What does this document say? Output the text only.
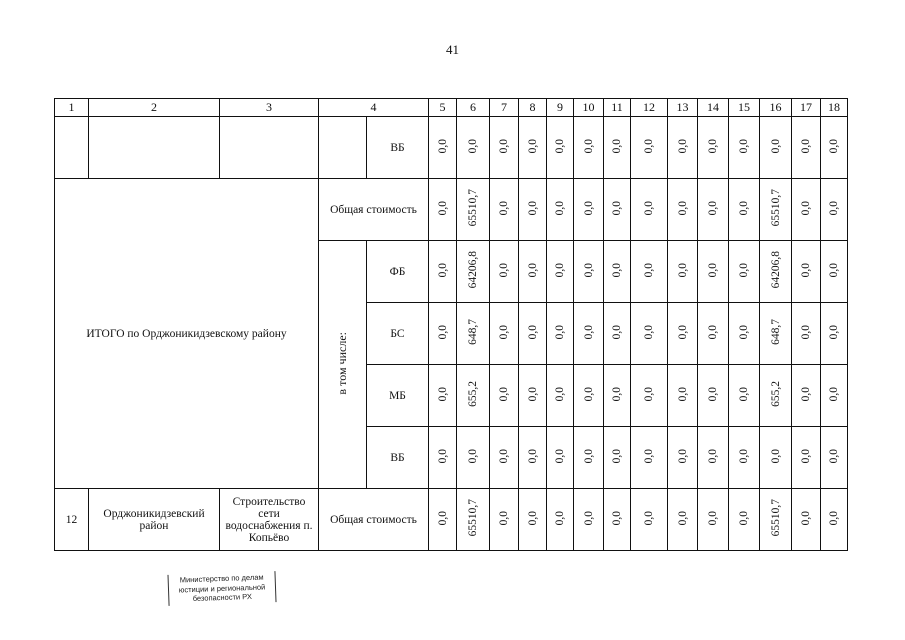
41
1	2	3	4		5	6	7	8	9	10	11	12	13	14	15	16	17	18
				ВБ	0,0	0,0	0,0	0,0	0,0	0,0	0,0	0,0	0,0	0,0	0,0	0,0	0,0	0,0
ИТОГО по Орджоникидзевскому району			Общая стоимость		0,0	65510,7	0,0	0,0	0,0	0,0	0,0	0,0	0,0	0,0	0,0	65510,7	0,0	0,0
			в том числе:	ФБ	0,0	64206,8	0,0	0,0	0,0	0,0	0,0	0,0	0,0	0,0	0,0	64206,8	0,0	0,0
				БС	0,0	648,7	0,0	0,0	0,0	0,0	0,0	0,0	0,0	0,0	0,0	648,7	0,0	0,0
				МБ	0,0	655,2	0,0	0,0	0,0	0,0	0,0	0,0	0,0	0,0	0,0	655,2	0,0	0,0
				ВБ	0,0	0,0	0,0	0,0	0,0	0,0	0,0	0,0	0,0	0,0	0,0	0,0	0,0	0,0
12	Орджоникидзевский район	Строительство сети водоснабжения п. Копьёво	Общая стоимость		0,0	65510,7	0,0	0,0	0,0	0,0	0,0	0,0	0,0	0,0	0,0	65510,7	0,0	0,0
Министерство по делам
юстиции и региональной
безопасности РХ
